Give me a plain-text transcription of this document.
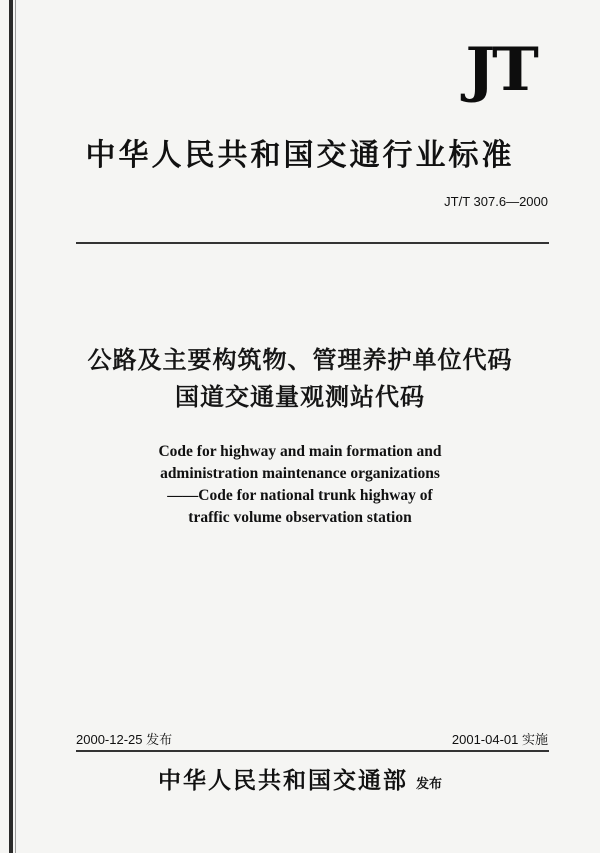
JT
中华人民共和国交通行业标准
JT/T 307.6—2000
公路及主要构筑物、管理养护单位代码
国道交通量观测站代码
Code for highway and main formation and
administration maintenance organizations
——Code for national trunk highway of
traffic volume observation station
2000-12-25 发布	2001-04-01 实施
中华人民共和国交通部 发布
